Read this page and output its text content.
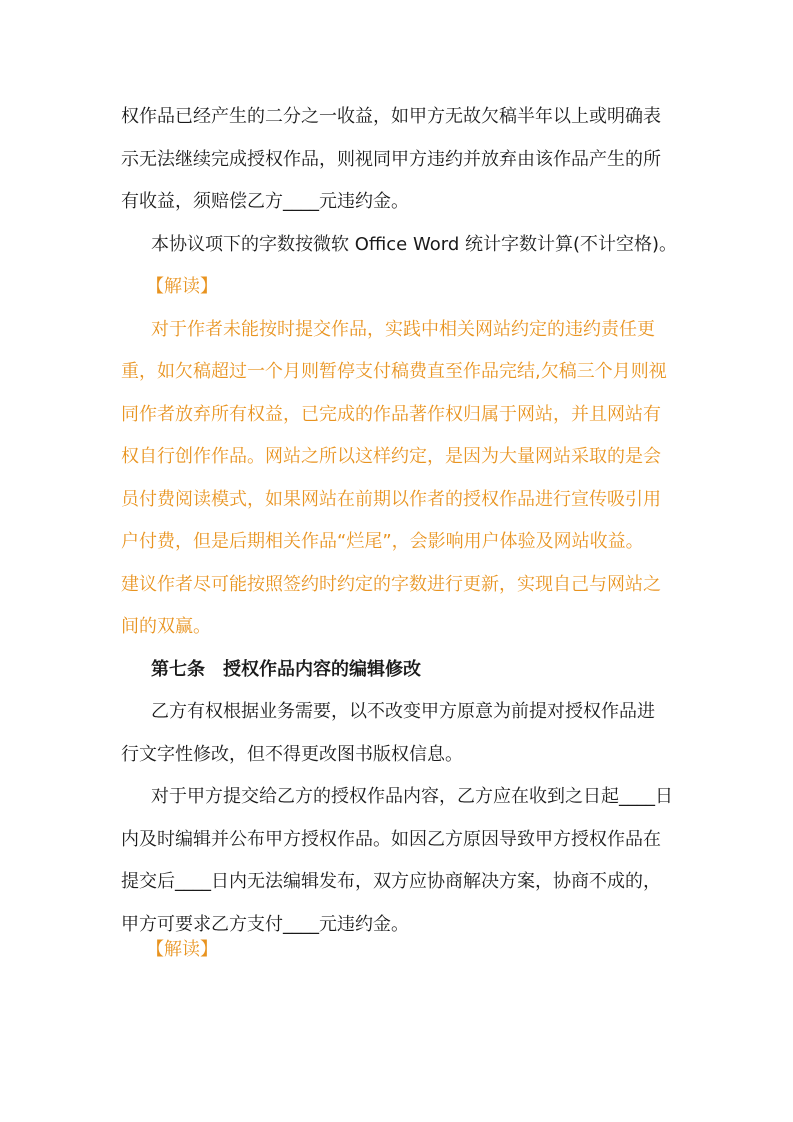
权作品已经产生的二分之一收益，如甲方无故欠稿半年以上或明确表
示无法继续完成授权作品，则视同甲方违约并放弃由该作品产生的所
有收益，须赔偿乙方____元违约金。
本协议项下的字数按微软 Office Word 统计字数计算(不计空格)。
【解读】
对于作者未能按时提交作品，实践中相关网站约定的违约责任更
重，如欠稿超过一个月则暂停支付稿费直至作品完结,欠稿三个月则视
同作者放弃所有权益，已完成的作品著作权归属于网站，并且网站有
权自行创作作品。网站之所以这样约定，是因为大量网站采取的是会
员付费阅读模式，如果网站在前期以作者的授权作品进行宣传吸引用
户付费，但是后期相关作品“烂尾”，会影响用户体验及网站收益。
建议作者尽可能按照签约时约定的字数进行更新，实现自己与网站之
间的双赢。
第七条　授权作品内容的编辑修改
乙方有权根据业务需要，以不改变甲方原意为前提对授权作品进
行文字性修改，但不得更改图书版权信息。
对于甲方提交给乙方的授权作品内容，乙方应在收到之日起____日
内及时编辑并公布甲方授权作品。如因乙方原因导致甲方授权作品在
提交后____日内无法编辑发布，双方应协商解决方案，协商不成的，
甲方可要求乙方支付____元违约金。
【解读】
